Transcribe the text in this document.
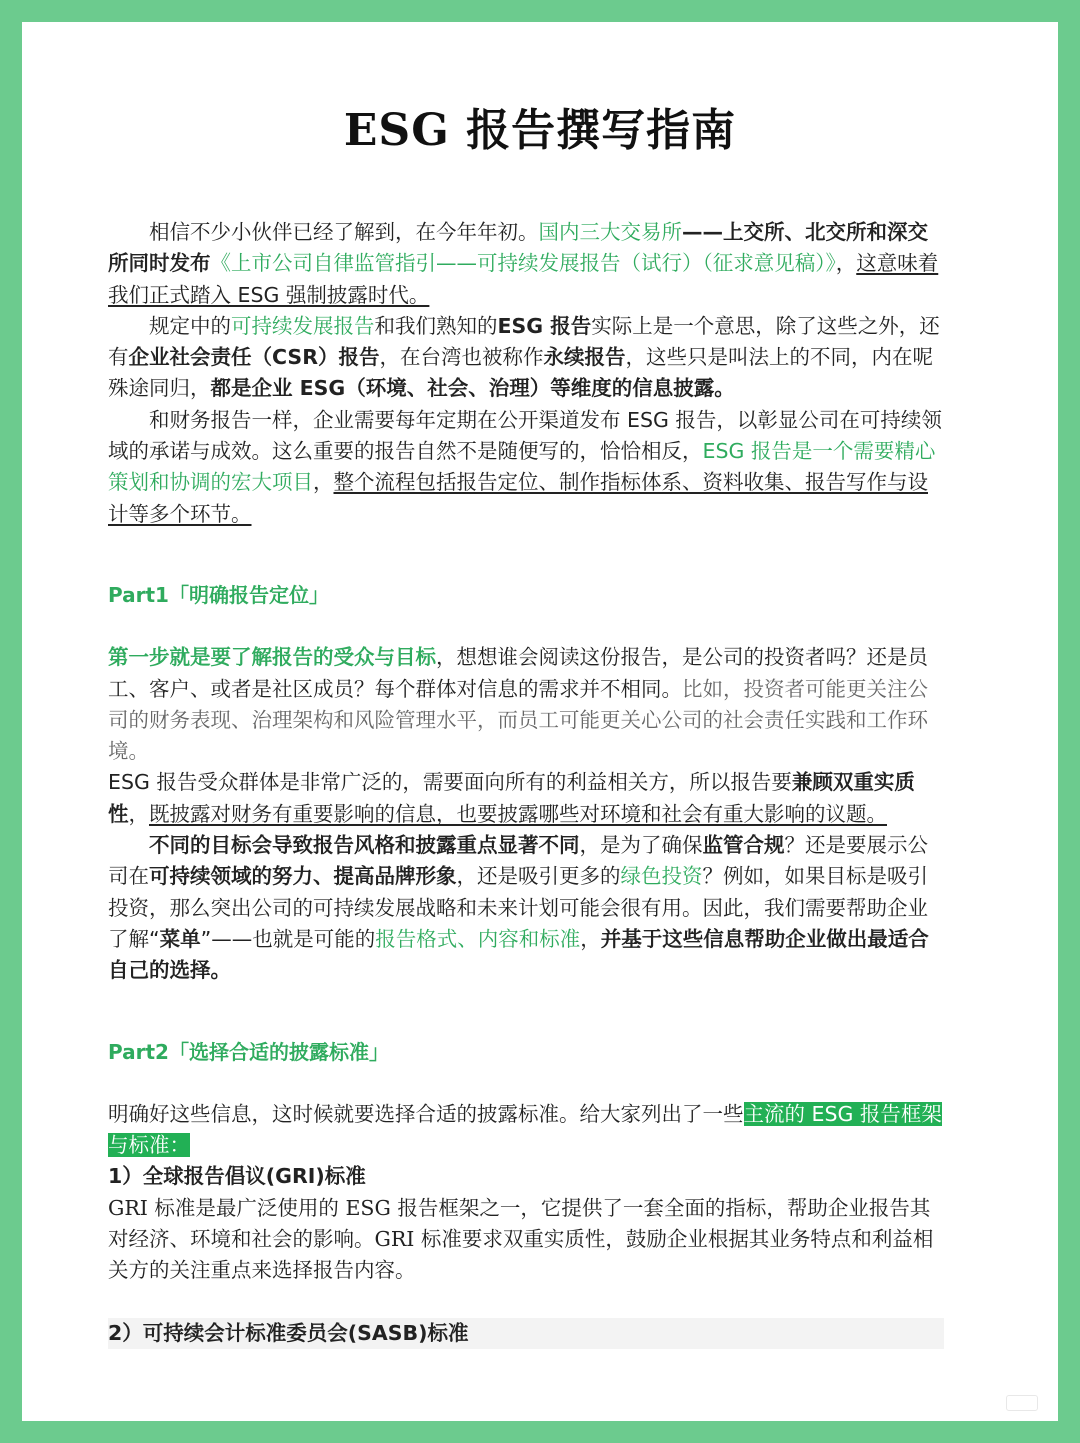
ESG 报告撰写指南

相信不少小伙伴已经了解到，在今年年初。国内三大交易所——上交所、北交所和深交所同时发布《上市公司自律监管指引——可持续发展报告（试行）（征求意见稿）》，这意味着我们正式踏入 ESG 强制披露时代。

规定中的可持续发展报告和我们熟知的ESG 报告实际上是一个意思，除了这些之外，还有企业社会责任（CSR）报告，在台湾也被称作永续报告，这些只是叫法上的不同，内在呢殊途同归，都是企业 ESG（环境、社会、治理）等维度的信息披露。

和财务报告一样，企业需要每年定期在公开渠道发布 ESG 报告，以彰显公司在可持续领域的承诺与成效。这么重要的报告自然不是随便写的，恰恰相反，ESG 报告是一个需要精心策划和协调的宏大项目，整个流程包括报告定位、制作指标体系、资料收集、报告写作与设计等多个环节。

Part1「明确报告定位」

第一步就是要了解报告的受众与目标，想想谁会阅读这份报告，是公司的投资者吗？还是员工、客户、或者是社区成员？每个群体对信息的需求并不相同。比如，投资者可能更关注公司的财务表现、治理架构和风险管理水平，而员工可能更关心公司的社会责任实践和工作环境。

ESG 报告受众群体是非常广泛的，需要面向所有的利益相关方，所以报告要兼顾双重实质性，既披露对财务有重要影响的信息，也要披露哪些对环境和社会有重大影响的议题。

不同的目标会导致报告风格和披露重点显著不同，是为了确保监管合规？还是要展示公司在可持续领域的努力、提高品牌形象，还是吸引更多的绿色投资？例如，如果目标是吸引投资，那么突出公司的可持续发展战略和未来计划可能会很有用。因此，我们需要帮助企业了解“菜单”——也就是可能的报告格式、内容和标准，并基于这些信息帮助企业做出最适合自己的选择。

Part2「选择合适的披露标准」

明确好这些信息，这时候就要选择合适的披露标准。给大家列出了一些主流的 ESG 报告框架与标准：

1）全球报告倡议(GRI)标准

GRI 标准是最广泛使用的 ESG 报告框架之一，它提供了一套全面的指标，帮助企业报告其对经济、环境和社会的影响。GRI 标准要求双重实质性，鼓励企业根据其业务特点和利益相关方的关注重点来选择报告内容。

2）可持续会计标准委员会(SASB)标准
